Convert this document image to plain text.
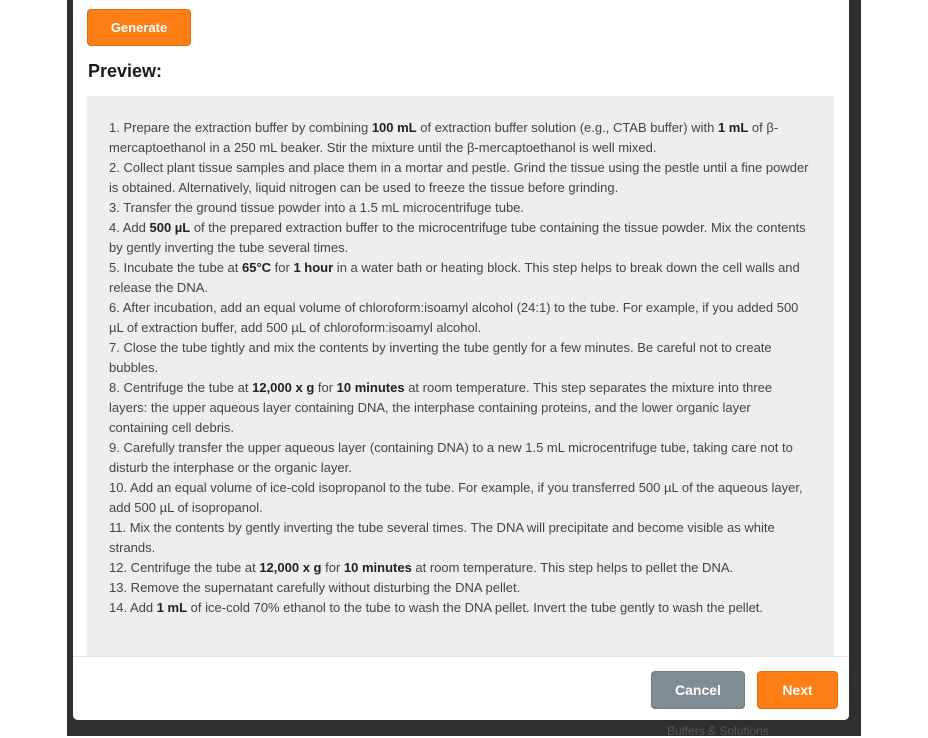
Buffers & Solutions
Generate
Preview:

1. Prepare the extraction buffer by combining 100 mL of extraction buffer solution (e.g., CTAB buffer) with 1 mL of β-mercaptoethanol in a 250 mL beaker. Stir the mixture until the β-mercaptoethanol is well mixed.

2. Collect plant tissue samples and place them in a mortar and pestle. Grind the tissue using the pestle until a fine powder is obtained. Alternatively, liquid nitrogen can be used to freeze the tissue before grinding.

3. Transfer the ground tissue powder into a 1.5 mL microcentrifuge tube.

4. Add 500 µL of the prepared extraction buffer to the microcentrifuge tube containing the tissue powder. Mix the contents by gently inverting the tube several times.

5. Incubate the tube at 65°C for 1 hour in a water bath or heating block. This step helps to break down the cell walls and release the DNA.

6. After incubation, add an equal volume of chloroform:isoamyl alcohol (24:1) to the tube. For example, if you added 500 µL of extraction buffer, add 500 µL of chloroform:isoamyl alcohol.

7. Close the tube tightly and mix the contents by inverting the tube gently for a few minutes. Be careful not to create bubbles.

8. Centrifuge the tube at 12,000 x g for 10 minutes at room temperature. This step separates the mixture into three layers: the upper aqueous layer containing DNA, the interphase containing proteins, and the lower organic layer containing cell debris.

9. Carefully transfer the upper aqueous layer (containing DNA) to a new 1.5 mL microcentrifuge tube, taking care not to disturb the interphase or the organic layer.

10. Add an equal volume of ice-cold isopropanol to the tube. For example, if you transferred 500 µL of the aqueous layer, add 500 µL of isopropanol.

11. Mix the contents by gently inverting the tube several times. The DNA will precipitate and become visible as white strands.

12. Centrifuge the tube at 12,000 x g for 10 minutes at room temperature. This step helps to pellet the DNA.

13. Remove the supernatant carefully without disturbing the DNA pellet.

14. Add 1 mL of ice-cold 70% ethanol to the tube to wash the DNA pellet. Invert the tube gently to wash the pellet.

Cancel	Next
